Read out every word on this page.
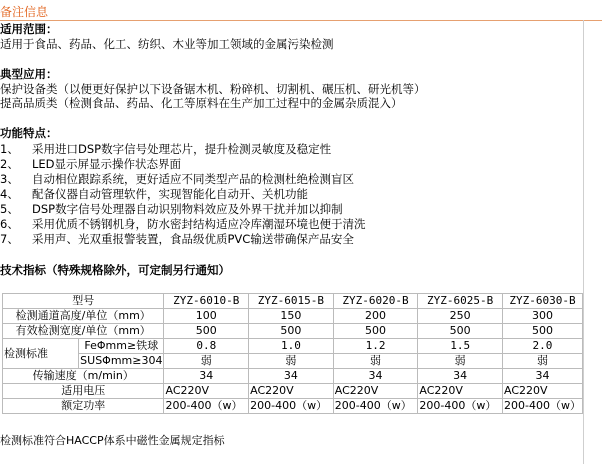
备注信息
适用范围：
适用于食品、药品、化工、纺织、木业等加工领域的金属污染检测
典型应用：
保护设备类（以便更好保护以下设备锯木机、粉碎机、切割机、碾压机、研光机等）
提高品质类（检测食品、药品、化工等原料在生产加工过程中的金属杂质混入）
功能特点：
1、 采用进口DSP数字信号处理芯片，提升检测灵敏度及稳定性
2、 LED显示屏显示操作状态界面
3、 自动相位跟踪系统，更好适应不同类型产品的检测杜绝检测盲区
4、 配备仪器自动管理软件，实现智能化自动开、关机功能
5、 DSP数字信号处理器自动识别物料效应及外界干扰并加以抑制
6、 采用优质不锈钢机身，防水密封结构适应冷库潮湿环境也便于清洗
7、 采用声、光双重报警装置，食品级优质PVC输送带确保产品安全
技术指标（特殊规格除外，可定制另行通知）
型号		ZYZ-6010-B	ZYZ-6015-B	ZYZ-6020-B	ZYZ-6025-B	ZYZ-6030-B
检测通道高度/单位（mm）		100	150	200	250	300
有效检测宽度/单位（mm）		500	500	500	500	500
检测标准	FeΦmm≥铁球	0.8	1.0	1.2	1.5	2.0
	SUSΦmm≥304	弱	弱	弱	弱	弱
传输速度（m/min）		34	34	34	34	34
适用电压		AC220V	AC220V	AC220V	AC220V	AC220V
额定功率		200-400（w）	200-400（w）	200-400（w）	200-400（w）	200-400（w）
检测标准符合HACCP体系中磁性金属规定指标
